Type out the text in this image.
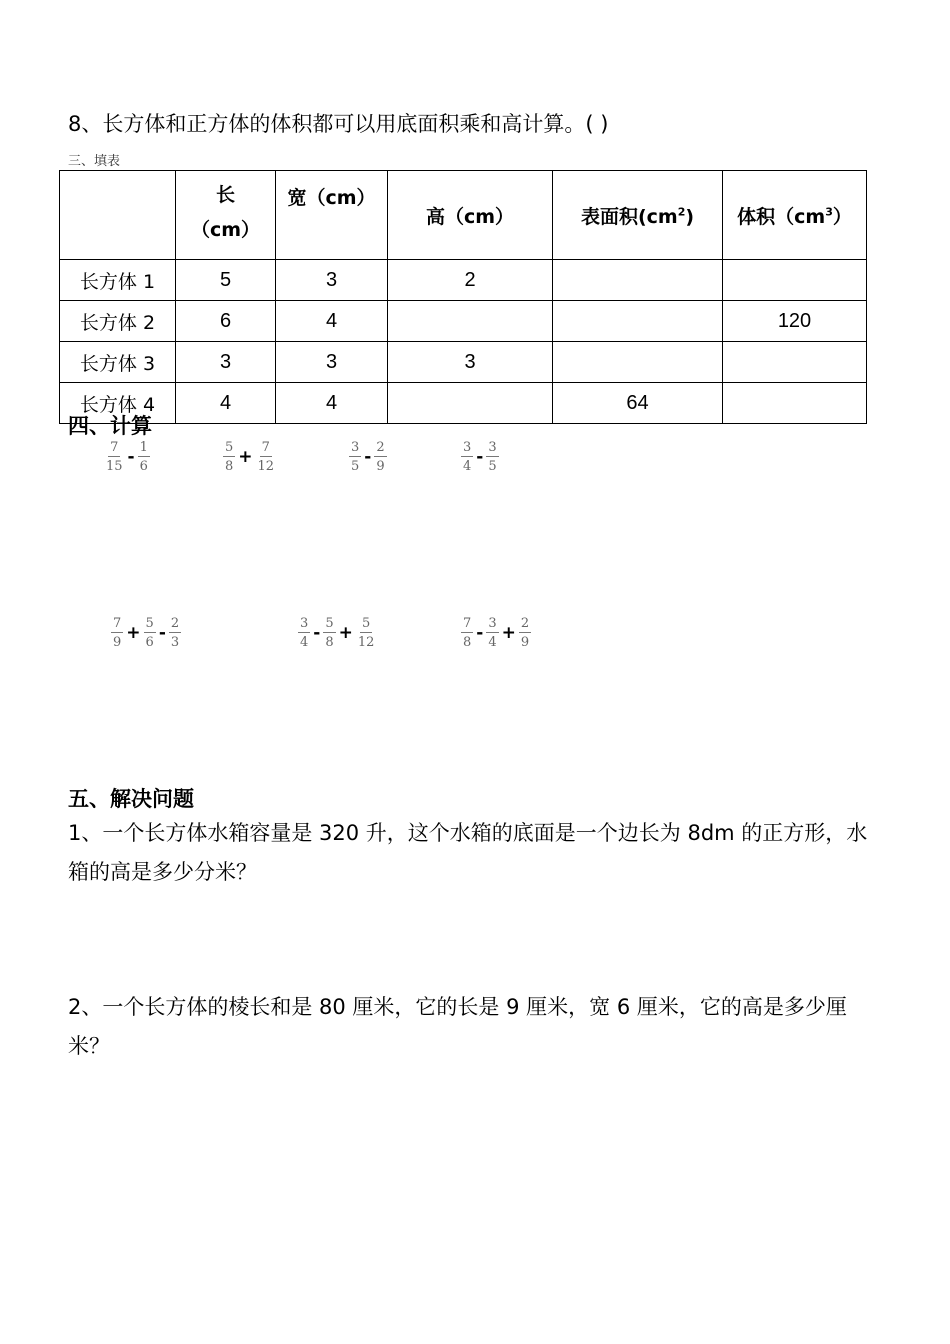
8、长方体和正方体的体积都可以用底面积乘和高计算。( )
三、填表

	长
（cm）	宽（cm）	高（cm）	表面积$(cm^2)$	体积$(cm^3)$
长方体 1	5	3	2		
长方体 2	6	4			120
长方体 3	3	3	3		
长方体 4	4	4		64	
四、计算
$\frac{7}{15} - \frac{1}{6}$	$\frac{5}{8} + \frac{7}{12}$	$\frac{3}{5} - \frac{2}{9}$	$\frac{3}{4} - \frac{3}{5}$
$\frac{7}{9} + \frac{5}{6} - \frac{2}{3}$	$\frac{3}{4} - \frac{5}{8} + \frac{5}{12}$	$\frac{7}{8} - \frac{3}{4} + \frac{2}{9}$
五、解决问题
1、一个长方体水箱容量是 320 升，这个水箱的底面是一个边长为 8dm 的正方形，水箱的高是多少分米？
2、一个长方体的棱长和是 80 厘米，它的长是 9 厘米，宽 6 厘米，它的高是多少厘米？
